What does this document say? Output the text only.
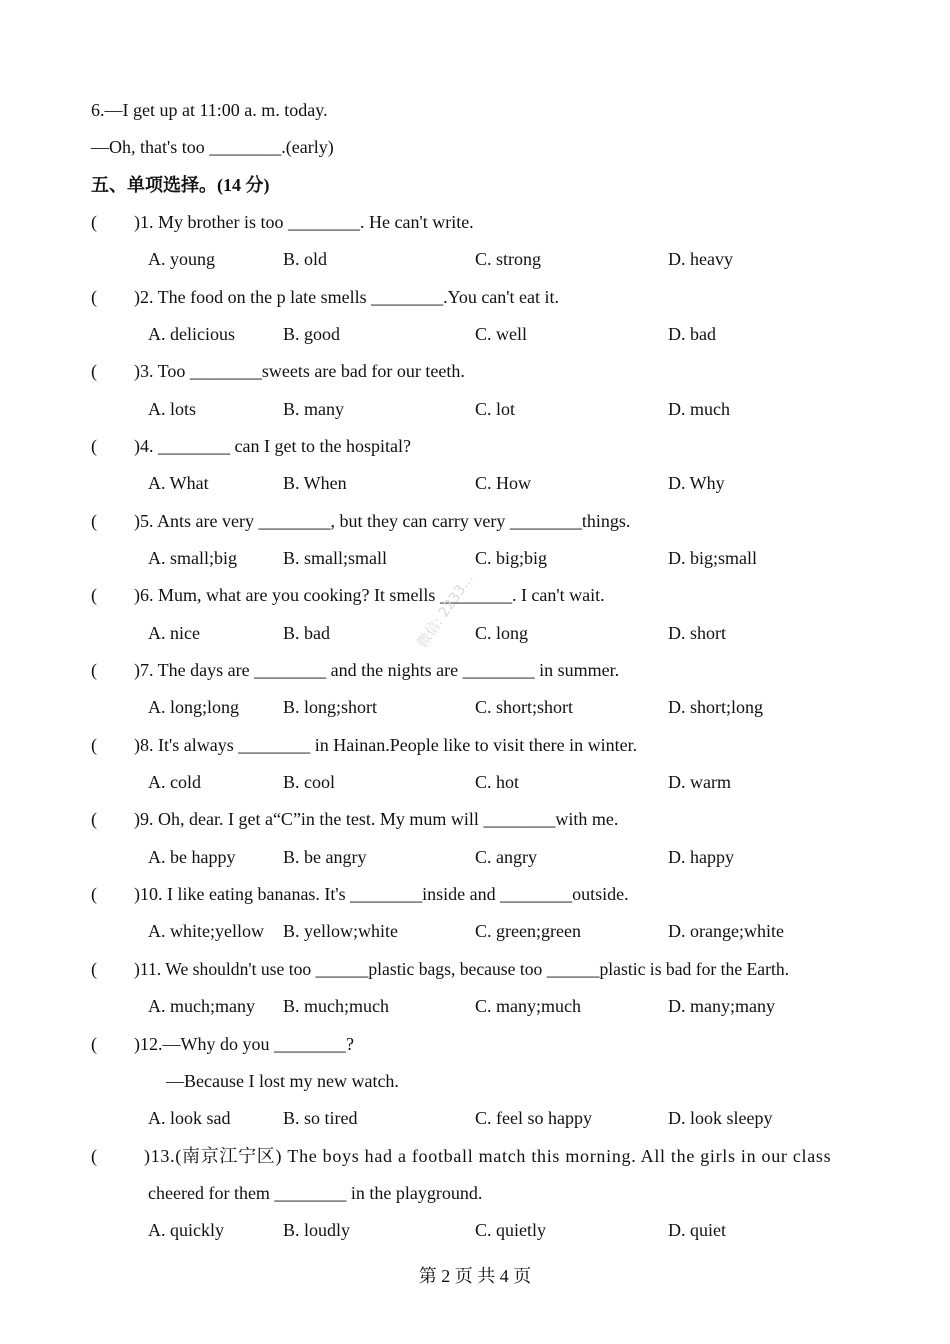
6.—I get up at 11:00 a. m. today.
—Oh, that's too ________.(early)
五、单项选择。(14 分)
( )1. My brother is too ________. He can't write.
A. young	B. old	C. strong	D. heavy
( )2. The food on the p late smells ________.You can't eat it.
A. delicious	B. good	C. well	D. bad
( )3. Too ________sweets are bad for our teeth.
A. lots	B. many	C. lot	D. much
( )4. ________ can I get to the hospital?
A. What	B. When	C. How	D. Why
( )5. Ants are very ________, but they can carry very ________things.
A. small;big	B. small;small	C. big;big	D. big;small
( )6. Mum, what are you cooking? It smells ________. I can't wait.
A. nice	B. bad	C. long	D. short
( )7. The days are ________ and the nights are ________ in summer.
A. long;long B. long;short	C. short;short	D. short;long
( )8. It's always ________ in Hainan.People like to visit there in winter.
A. cold	B. cool	C. hot	D. warm
( )9. Oh, dear. I get a“C”in the test. My mum will ________with me.
A. be happy	B. be angry	C. angry	D. happy
( )10. I like eating bananas. It's ________inside and ________outside.
A. white;yellow B. yellow;white	C. green;green	D. orange;white
( )11. We shouldn't use too ______plastic bags, because too ______plastic is bad for the Earth.
A. much;many B. much;much	C. many;much	D. many;many
( )12.—Why do you ________?
—Because I lost my new watch.
A. look sad	B. so tired	C. feel so happy	D. look sleepy
(	)13.(南京江宁区) The boys had a football match this morning. All the girls in our class
cheered for them ________ in the playground.
A. quickly	B. loudly	C. quietly	D. quiet
微信: 2233...
第 2 页 共 4 页
